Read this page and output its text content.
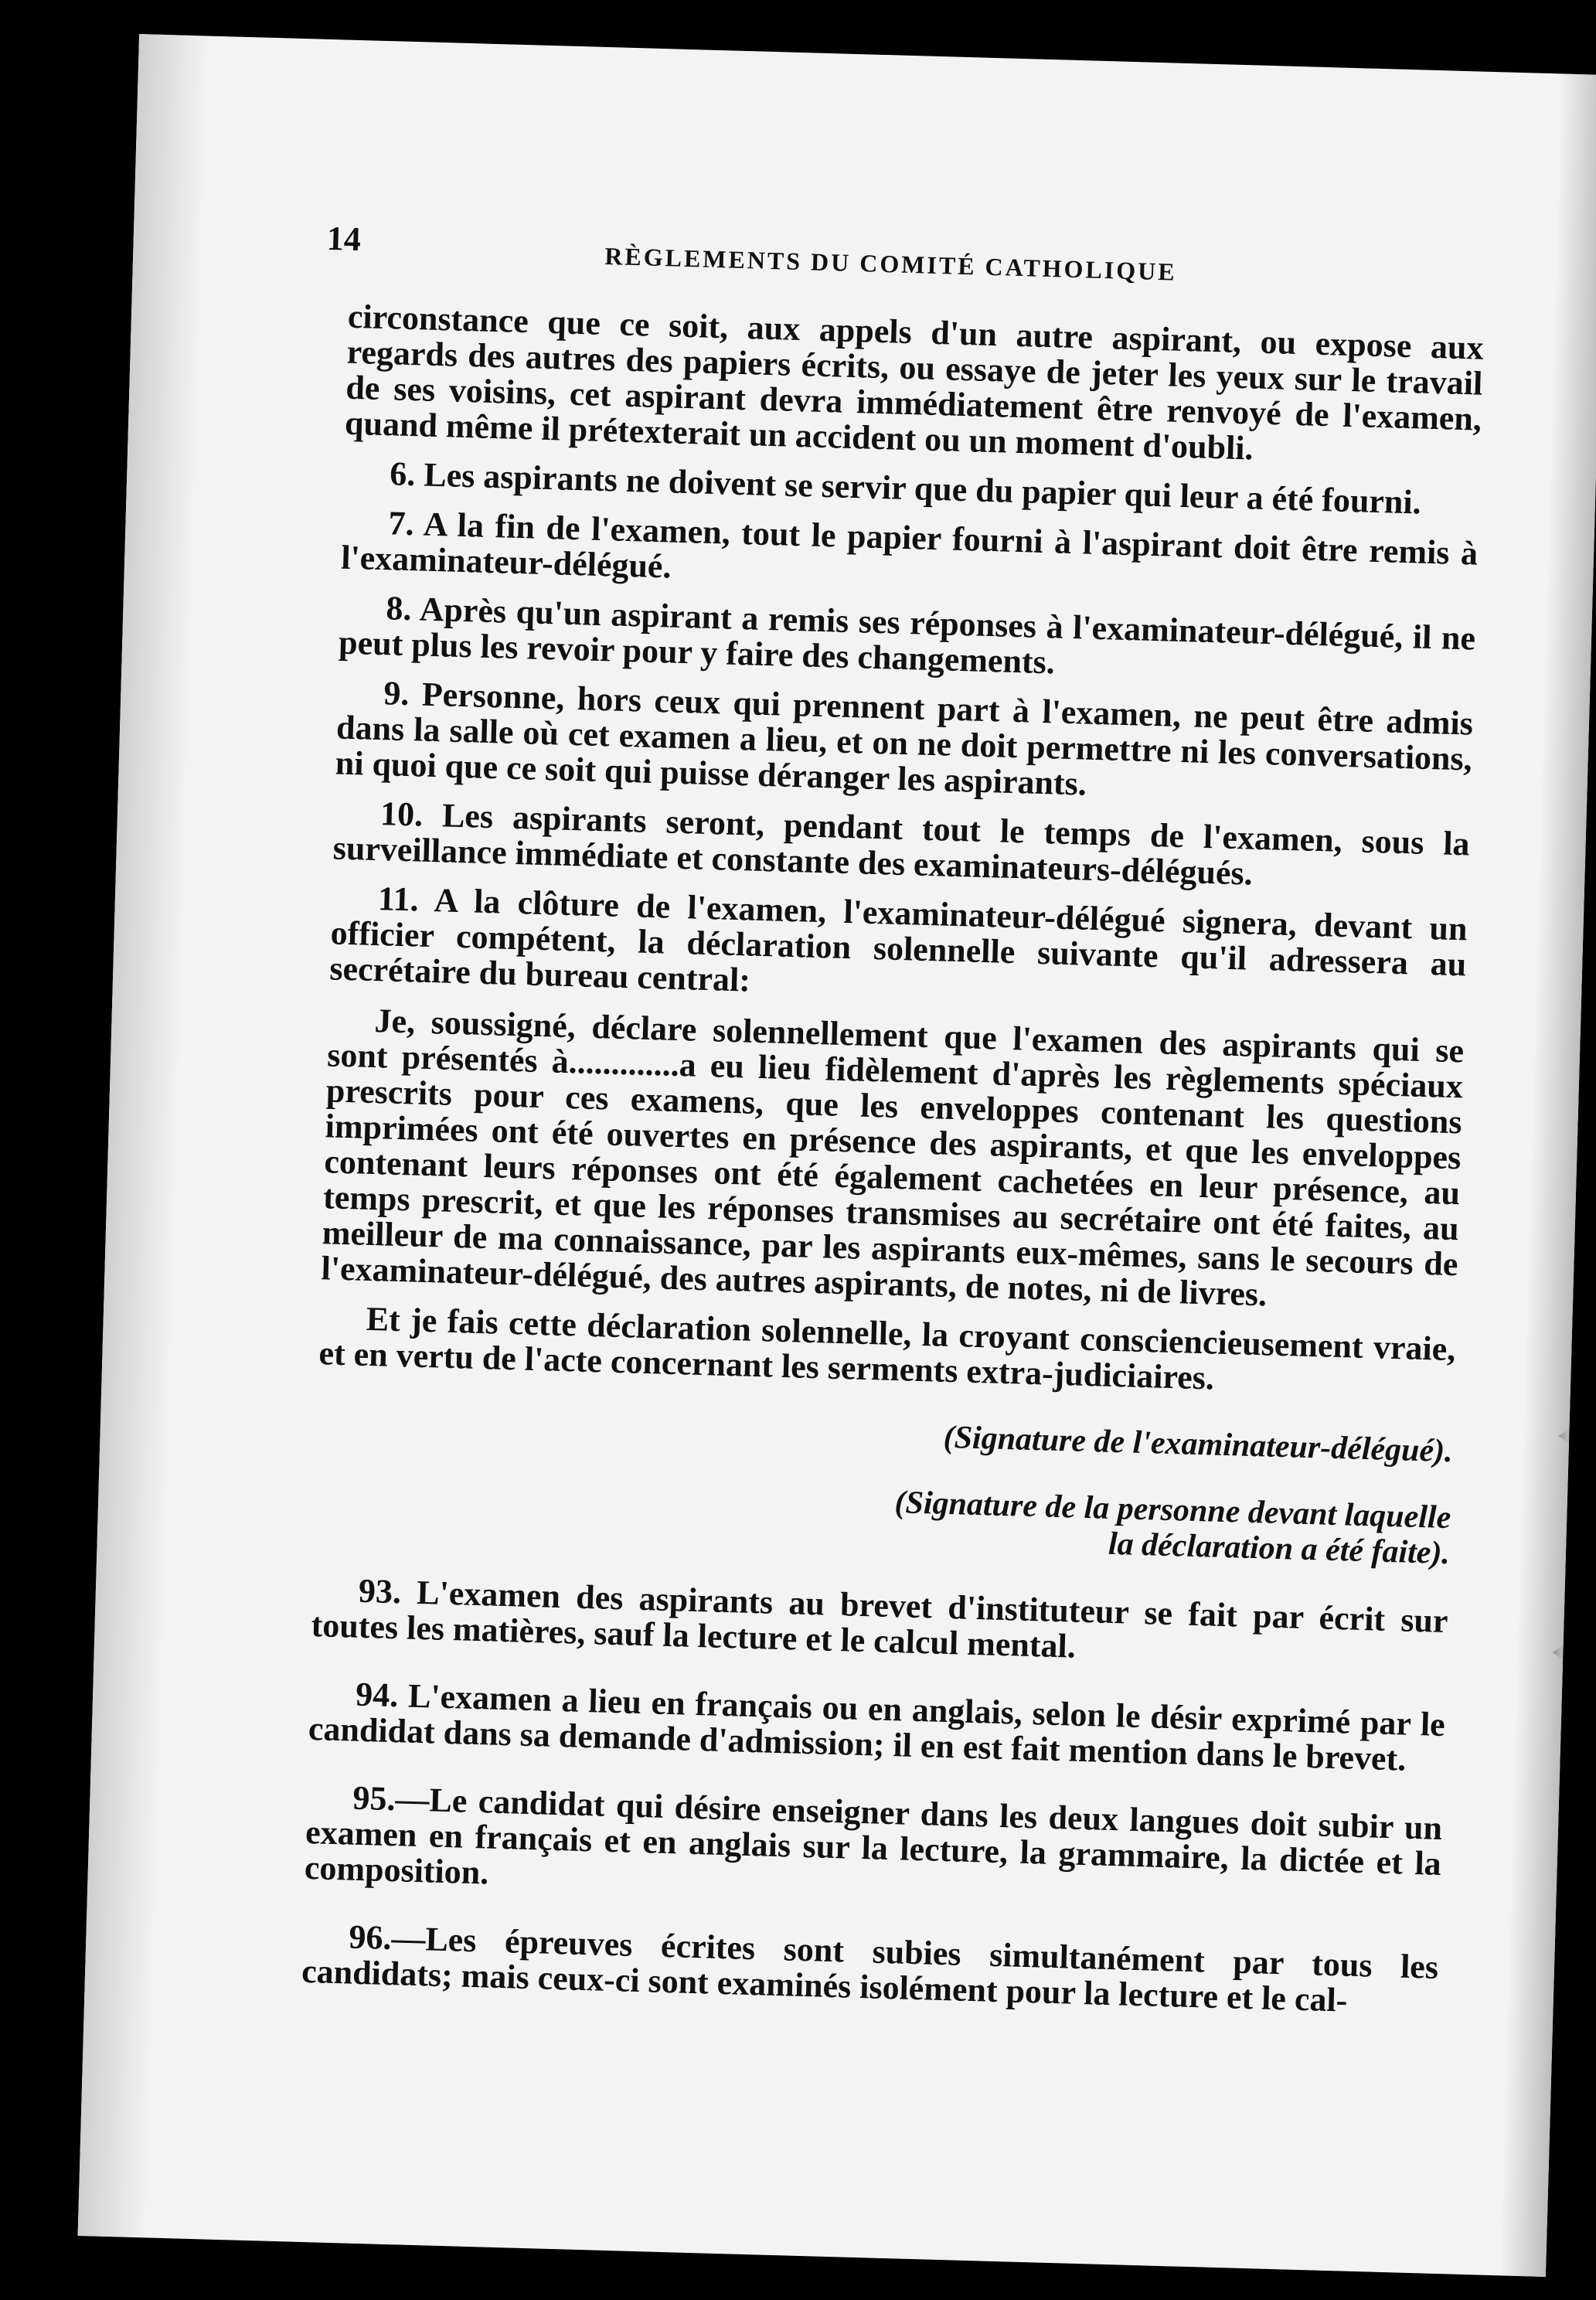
14
RÈGLEMENTS DU COMITÉ CATHOLIQUE

circonstance que ce soit, aux appels d'un autre aspirant, ou expose aux regards des autres des papiers écrits, ou essaye de jeter les yeux sur le travail de ses voisins, cet aspirant devra immédiatement être renvoyé de l'examen, quand même il prétexterait un accident ou un moment d'oubli.

6. Les aspirants ne doivent se servir que du papier qui leur a été fourni.

7. A la fin de l'examen, tout le papier fourni à l'aspirant doit être remis à l'examinateur-délégué.

8. Après qu'un aspirant a remis ses réponses à l'examinateur-délégué, il ne peut plus les revoir pour y faire des changements.

9. Personne, hors ceux qui prennent part à l'examen, ne peut être admis dans la salle où cet examen a lieu, et on ne doit permettre ni les conversations, ni quoi que ce soit qui puisse déranger les aspirants.

10. Les aspirants seront, pendant tout le temps de l'examen, sous la surveillance immédiate et constante des examinateurs-délégués.

11. A la clôture de l'examen, l'examinateur-délégué signera, devant un officier compétent, la déclaration solennelle suivante qu'il adressera au secrétaire du bureau central:

Je, soussigné, déclare solennellement que l'examen des aspirants qui se sont présentés à.............a eu lieu fidèlement d'après les règlements spéciaux prescrits pour ces examens, que les enveloppes contenant les questions imprimées ont été ouvertes en présence des aspirants, et que les enveloppes contenant leurs réponses ont été également cachetées en leur présence, au temps prescrit, et que les réponses transmises au secrétaire ont été faites, au meilleur de ma connaissance, par les aspirants eux-mêmes, sans le secours de l'examinateur-délégué, des autres aspirants, de notes, ni de livres.

Et je fais cette déclaration solennelle, la croyant consciencieusement vraie, et en vertu de l'acte concernant les serments extra-judiciaires.

(Signature de l'examinateur-délégué).
(Signature de la personne devant laquelle
la déclaration a été faite).

93. L'examen des aspirants au brevet d'instituteur se fait par écrit sur toutes les matières, sauf la lecture et le calcul mental.

94. L'examen a lieu en français ou en anglais, selon le désir exprimé par le candidat dans sa demande d'admission; il en est fait mention dans le brevet.

95.—Le candidat qui désire enseigner dans les deux langues doit subir un examen en français et en anglais sur la lecture, la grammaire, la dictée et la composition.

96.—Les épreuves écrites sont subies simultanément par tous les candidats; mais ceux-ci sont examinés isolément pour la lecture et le cal-
